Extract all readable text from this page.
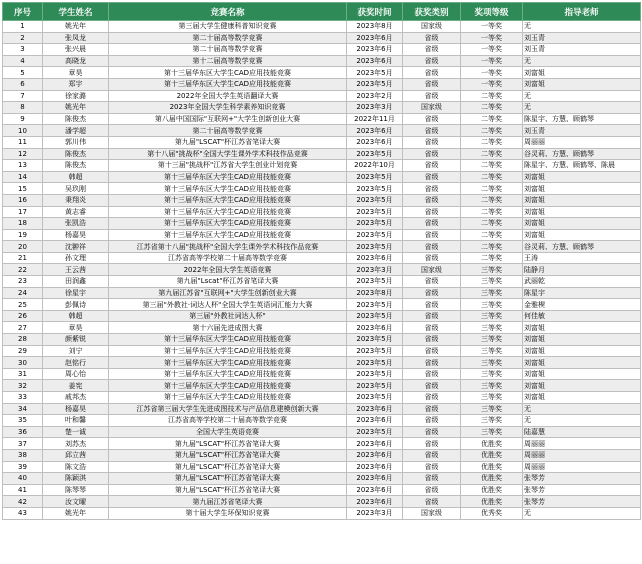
序号	学生姓名	竞赛名称	获奖时间	获奖类别	奖项等级	指导老师
1	姚光年	第三届大学生健康科普知识竞赛	2023年8月	国家级	一等奖	无
2	张凤龙	第二十届高等数学竞赛	2023年6月	省级	一等奖	刘玉青
3	张兴晨	第二十届高等数学竞赛	2023年6月	省级	一等奖	刘玉青
4	高晓龙	第十二届高等数学竞赛	2023年6月	省级	一等奖	无
5	章昊	第十三届华东区大学生CAD应用技能竞赛	2023年5月	省级	一等奖	刘富姐
6	郑宇	第十三届华东区大学生CAD应用技能竞赛	2023年5月	省级	一等奖	刘富姐
7	徐家潞	2022年全国大学生英语翻译大赛	2023年2月	省级	二等奖	无
8	姚光年	2023年全国大学生科学素养知识竞赛	2023年3月	国家级	二等奖	无
9	陈俊杰	第八届中国国际"互联网+"大学生创新创业大赛	2022年11月	省级	二等奖	陈星宇、方慧、顾鹤琴
10	潘学超	第二十届高等数学竞赛	2023年6月	省级	二等奖	刘玉青
11	郭川伟	第九届"LSCAT"杯江苏省笔译大赛	2023年6月	省级	二等奖	周丽丽
12	陈俊杰	第十八届"挑战杯"全国大学生课外学术科技作品竞赛	2023年5月	省级	二等奖	谷灵莉、方慧、顾鹤琴
13	陈俊杰	第十三届"挑战杯"江苏省大学生创业计划竞赛	2022年10月	省级	二等奖	陈星宇、方慧、顾鹤琴、陈晨
14	韩超	第十三届华东区大学生CAD应用技能竞赛	2023年5月	省级	二等奖	刘富姐
15	吴玖刚	第十三届华东区大学生CAD应用技能竞赛	2023年5月	省级	二等奖	刘富姐
16	秉翔炎	第十三届华东区大学生CAD应用技能竞赛	2023年5月	省级	二等奖	刘富姐
17	黄志睿	第十三届华东区大学生CAD应用技能竞赛	2023年5月	省级	二等奖	刘富姐
18	张凯浩	第十三届华东区大学生CAD应用技能竞赛	2023年5月	省级	二等奖	刘富姐
19	杨嘉昊	第十三届华东区大学生CAD应用技能竞赛	2023年5月	省级	二等奖	刘富姐
20	沈翀祥	江苏省第十八届"挑战杯"全国大学生课外学术科技作品竞赛	2023年5月	省级	二等奖	谷灵莉、方慧、顾鹤琴
21	孙文理	江苏省高等学校第二十届高等数学竞赛	2023年6月	省级	二等奖	王涛
22	王云茜	2022年全国大学生英语竞赛	2023年3月	国家级	三等奖	陆静月
23	田润鑫	第九届"Lscat"杯江苏省笔译大赛	2023年5月	省级	三等奖	武丽乾
24	徐星宇	第九届江苏省"互联网+"大学生创新创业大赛	2023年8月	省级	三等奖	陈星宇
25	彭佩诗	第三届"外教社·词达人杯"全国大学生英语词汇能力大赛	2023年5月	省级	三等奖	金雅楔
26	韩超	第三届"外教社词达人杯"	2023年5月	省级	三等奖	何佳敏
27	章昊	第十六届先进成图大赛	2023年6月	省级	三等奖	刘富姐
28	颜紫锐	第十三届华东区大学生CAD应用技能竞赛	2023年5月	省级	三等奖	刘富姐
29	刘宁	第十三届华东区大学生CAD应用技能竞赛	2023年5月	省级	三等奖	刘富姐
30	赵铭行	第十三届华东区大学生CAD应用技能竞赛	2023年5月	省级	三等奖	刘富姐
31	周心怡	第十三届华东区大学生CAD应用技能竞赛	2023年5月	省级	三等奖	刘富姐
32	姜宪	第十三届华东区大学生CAD应用技能竞赛	2023年5月	省级	三等奖	刘富姐
33	戚邦杰	第十三届华东区大学生CAD应用技能竞赛	2023年5月	省级	三等奖	刘富姐
34	杨嘉昊	江苏省第三届大学生先进成图技术与产品信息建模创新大赛	2023年6月	省级	三等奖	无
35	叶和馨	江苏省高等学校第二十届高等数学竞赛	2023年6月	省级	三等奖	无
36	楚一诚	全国大学生英语竞赛	2023年5月	省级	三等奖	陆嘉慧
37	刘苏杰	第九届"LSCAT"杯江苏省笔译大赛	2023年6月	省级	优胜奖	周丽丽
38	邱立茜	第九届"LSCAT"杯江苏省笔译大赛	2023年6月	省级	优胜奖	周丽丽
39	陈文浩	第九届"LSCAT"杯江苏省笔译大赛	2023年6月	省级	优胜奖	周丽丽
40	陈颖淇	第九届"LSCAT"杯江苏省笔译大赛	2023年6月	省级	优胜奖	张琴芳
41	陈琴琴	第九届"LSCAT"杯江苏省笔译大赛	2023年6月	省级	优胜奖	张琴芳
42	汝文曜	第九届江苏省笔译大赛	2023年6月	省级	优胜奖	张琴芳
43	姚光年	第十届大学生环保知识竞赛	2023年3月	国家级	优秀奖	无
